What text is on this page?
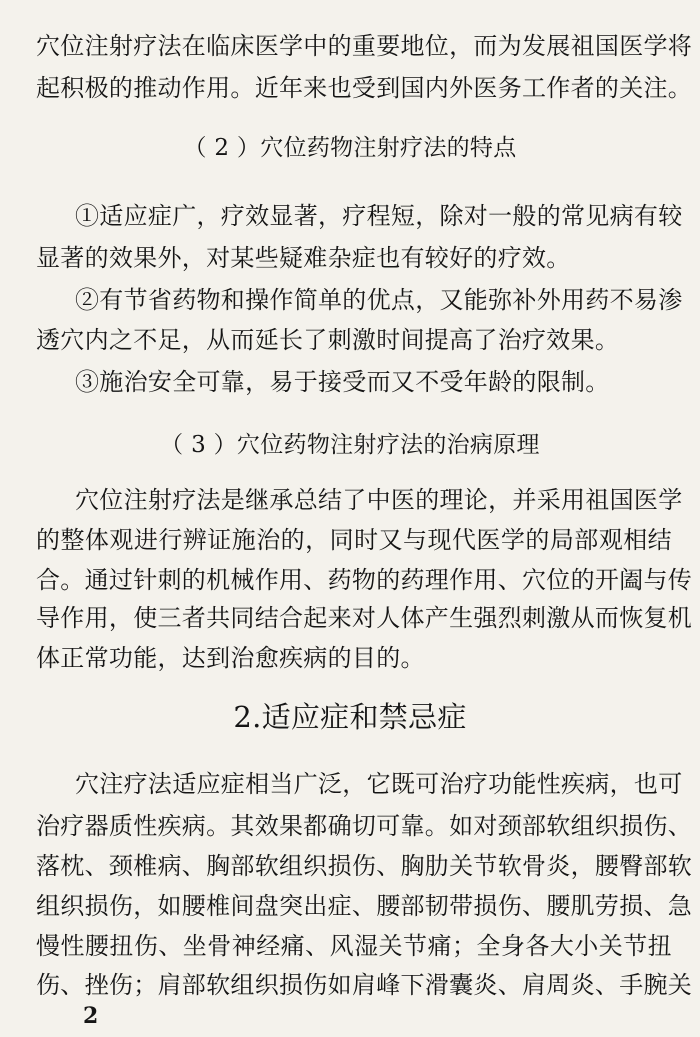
穴位注射疗法在临床医学中的重要地位，而为发展祖国医学将
起积极的推动作用。近年来也受到国内外医务工作者的关注。
（ 2 ）穴位药物注射疗法的特点
①适应症广，疗效显著，疗程短，除对一般的常见病有较
显著的效果外，对某些疑难杂症也有较好的疗效。
②有节省药物和操作简单的优点，又能弥补外用药不易渗
透穴内之不足，从而延长了刺激时间提高了治疗效果。
③施治安全可靠，易于接受而又不受年龄的限制。
（ 3 ）穴位药物注射疗法的治病原理
穴位注射疗法是继承总结了中医的理论，并采用祖国医学
的整体观进行辨证施治的，同时又与现代医学的局部观相结
合。通过针刺的机械作用、药物的药理作用、穴位的开阖与传
导作用，使三者共同结合起来对人体产生强烈刺激从而恢复机
体正常功能，达到治愈疾病的目的。
2.适应症和禁忌症
穴注疗法适应症相当广泛，它既可治疗功能性疾病，也可
治疗器质性疾病。其效果都确切可靠。如对颈部软组织损伤、
落枕、颈椎病、胸部软组织损伤、胸肋关节软骨炎，腰臀部软
组织损伤，如腰椎间盘突出症、腰部韧带损伤、腰肌劳损、急
慢性腰扭伤、坐骨神经痛、风湿关节痛；全身各大小关节扭
伤、挫伤；肩部软组织损伤如肩峰下滑囊炎、肩周炎、手腕关
2
